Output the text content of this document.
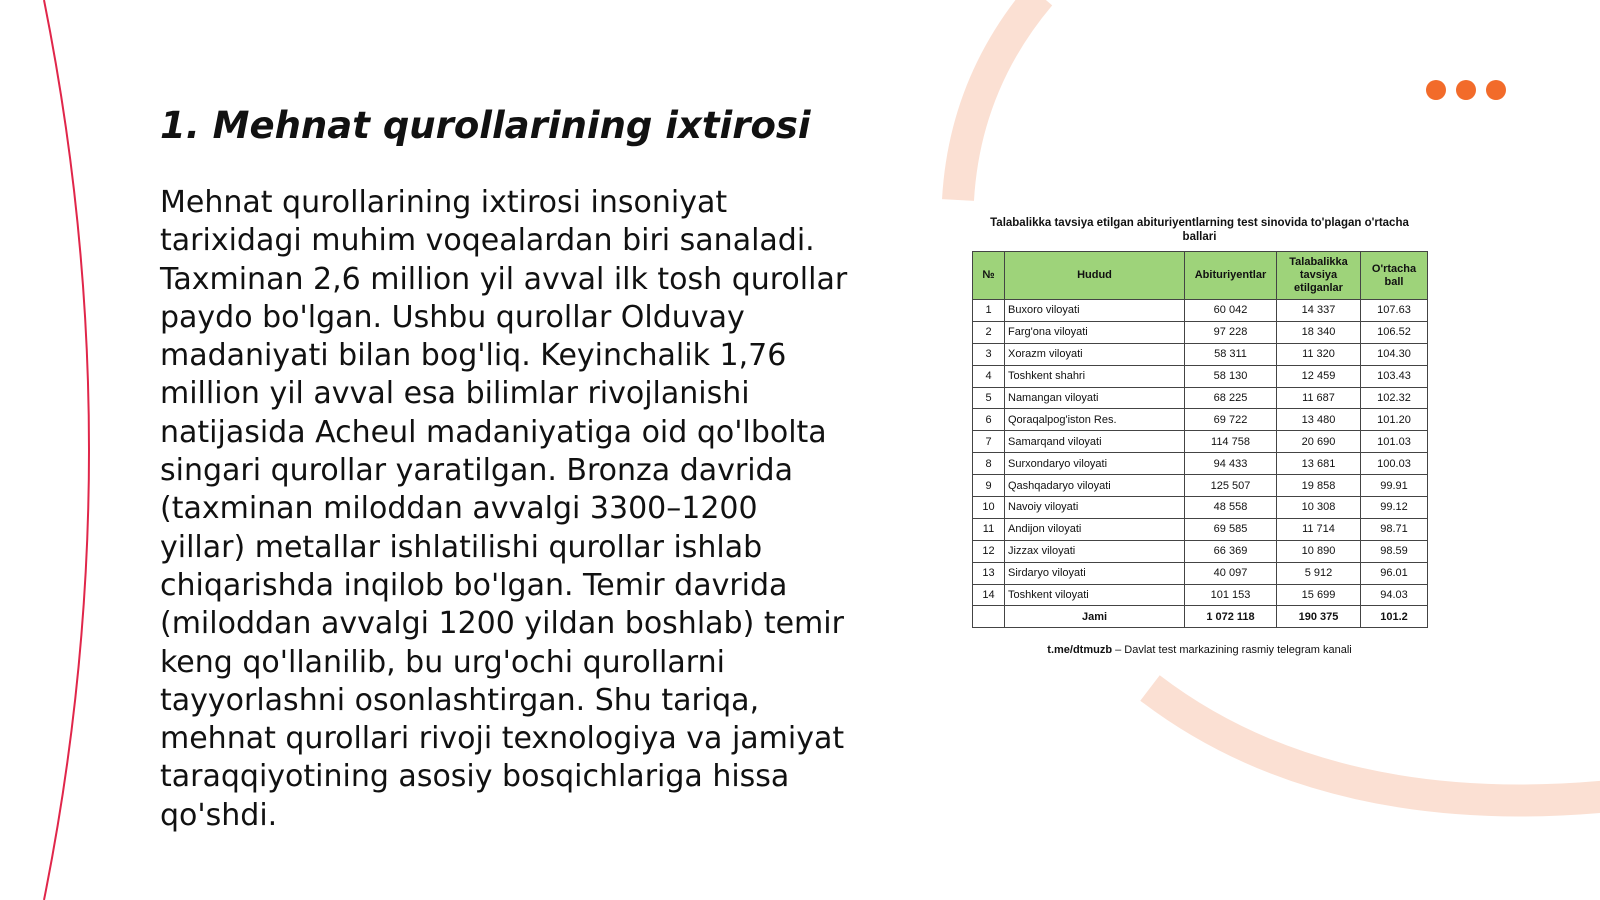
1. Mehnat qurollarining ixtirosi

Mehnat qurollarining ixtirosi insoniyat tarixidagi muhim voqealardan biri sanaladi. Taxminan 2,6 million yil avval ilk tosh qurollar paydo bo'lgan. Ushbu qurollar Olduvay madaniyati bilan bog'liq. Keyinchalik 1,76 million yil avval esa bilimlar rivojlanishi natijasida Acheul madaniyatiga oid qo'lbolta singari qurollar yaratilgan. Bronza davrida (taxminan miloddan avvalgi 3300–1200 yillar) metallar ishlatilishi qurollar ishlab chiqarishda inqilob bo'lgan. Temir davrida (miloddan avvalgi 1200 yildan boshlab) temir keng qo'llanilib, bu urg'ochi qurollarni tayyorlashni osonlashtirgan. Shu tariqa, mehnat qurollari rivoji texnologiya va jamiyat taraqqiyotining asosiy bosqichlariga hissa qo'shdi.

Talabalikka tavsiya etilgan abituriyentlarning test sinovida to'plagan o'rtacha ballari

№	Hudud	Abituriyentlar	Talabalikka tavsiya etilganlar	O'rtacha ball
1	Buxoro viloyati	60 042	14 337	107.63
2	Farg'ona viloyati	97 228	18 340	106.52
3	Xorazm viloyati	58 311	11 320	104.30
4	Toshkent shahri	58 130	12 459	103.43
5	Namangan viloyati	68 225	11 687	102.32
6	Qoraqalpog'iston Res.	69 722	13 480	101.20
7	Samarqand viloyati	114 758	20 690	101.03
8	Surxondaryo viloyati	94 433	13 681	100.03
9	Qashqadaryo viloyati	125 507	19 858	99.91
10	Navoiy viloyati	48 558	10 308	99.12
11	Andijon viloyati	69 585	11 714	98.71
12	Jizzax viloyati	66 369	10 890	98.59
13	Sirdaryo viloyati	40 097	5 912	96.01
14	Toshkent viloyati	101 153	15 699	94.03
	Jami	1 072 118	190 375	101.2

t.me/dtmuzb – Davlat test markazining rasmiy telegram kanali
